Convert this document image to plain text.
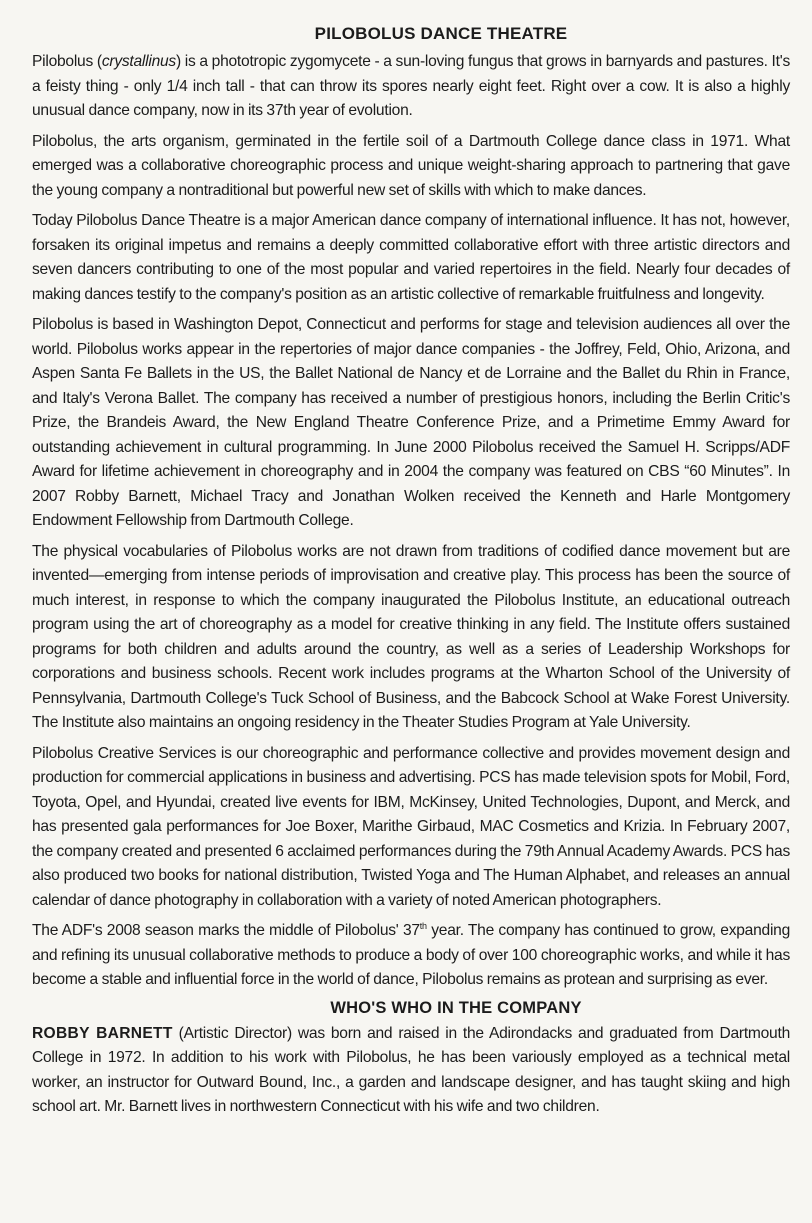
PILOBOLUS DANCE THEATRE

Pilobolus (crystallinus) is a phototropic zygomycete - a sun-loving fungus that grows in barnyards and pastures. It's a feisty thing - only 1/4 inch tall - that can throw its spores nearly eight feet. Right over a cow. It is also a highly unusual dance company, now in its 37th year of evolution.

Pilobolus, the arts organism, germinated in the fertile soil of a Dartmouth College dance class in 1971. What emerged was a collaborative choreographic process and unique weight-sharing approach to partnering that gave the young company a nontraditional but powerful new set of skills with which to make dances.

Today Pilobolus Dance Theatre is a major American dance company of international influence. It has not, however, forsaken its original impetus and remains a deeply committed collaborative effort with three artistic directors and seven dancers contributing to one of the most popular and varied repertoires in the field. Nearly four decades of making dances testify to the company's position as an artistic collective of remarkable fruitfulness and longevity.

Pilobolus is based in Washington Depot, Connecticut and performs for stage and television audiences all over the world. Pilobolus works appear in the repertories of major dance companies - the Joffrey, Feld, Ohio, Arizona, and Aspen Santa Fe Ballets in the US, the Ballet National de Nancy et de Lorraine and the Ballet du Rhin in France, and Italy's Verona Ballet. The company has received a number of prestigious honors, including the Berlin Critic's Prize, the Brandeis Award, the New England Theatre Conference Prize, and a Primetime Emmy Award for outstanding achievement in cultural programming. In June 2000 Pilobolus received the Samuel H. Scripps/ADF Award for lifetime achievement in choreography and in 2004 the company was featured on CBS “60 Minutes”. In 2007 Robby Barnett, Michael Tracy and Jonathan Wolken received the Kenneth and Harle Montgomery Endowment Fellowship from Dartmouth College.

The physical vocabularies of Pilobolus works are not drawn from traditions of codified dance movement but are invented—emerging from intense periods of improvisation and creative play. This process has been the source of much interest, in response to which the company inaugurated the Pilobolus Institute, an educational outreach program using the art of choreography as a model for creative thinking in any field. The Institute offers sustained programs for both children and adults around the country, as well as a series of Leadership Workshops for corporations and business schools. Recent work includes programs at the Wharton School of the University of Pennsylvania, Dartmouth College's Tuck School of Business, and the Babcock School at Wake Forest University. The Institute also maintains an ongoing residency in the Theater Studies Program at Yale University.

Pilobolus Creative Services is our choreographic and performance collective and provides movement design and production for commercial applications in business and advertising. PCS has made television spots for Mobil, Ford, Toyota, Opel, and Hyundai, created live events for IBM, McKinsey, United Technologies, Dupont, and Merck, and has presented gala performances for Joe Boxer, Marithe Girbaud, MAC Cosmetics and Krizia. In February 2007, the company created and presented 6 acclaimed performances during the 79th Annual Academy Awards. PCS has also produced two books for national distribution, Twisted Yoga and The Human Alphabet, and releases an annual calendar of dance photography in collaboration with a variety of noted American photographers.

The ADF's 2008 season marks the middle of Pilobolus' 37th year. The company has continued to grow, expanding and refining its unusual collaborative methods to produce a body of over 100 choreographic works, and while it has become a stable and influential force in the world of dance, Pilobolus remains as protean and surprising as ever.

WHO'S WHO IN THE COMPANY

ROBBY BARNETT (Artistic Director) was born and raised in the Adirondacks and graduated from Dartmouth College in 1972. In addition to his work with Pilobolus, he has been variously employed as a technical metal worker, an instructor for Outward Bound, Inc., a garden and landscape designer, and has taught skiing and high school art. Mr. Barnett lives in northwestern Connecticut with his wife and two children.
